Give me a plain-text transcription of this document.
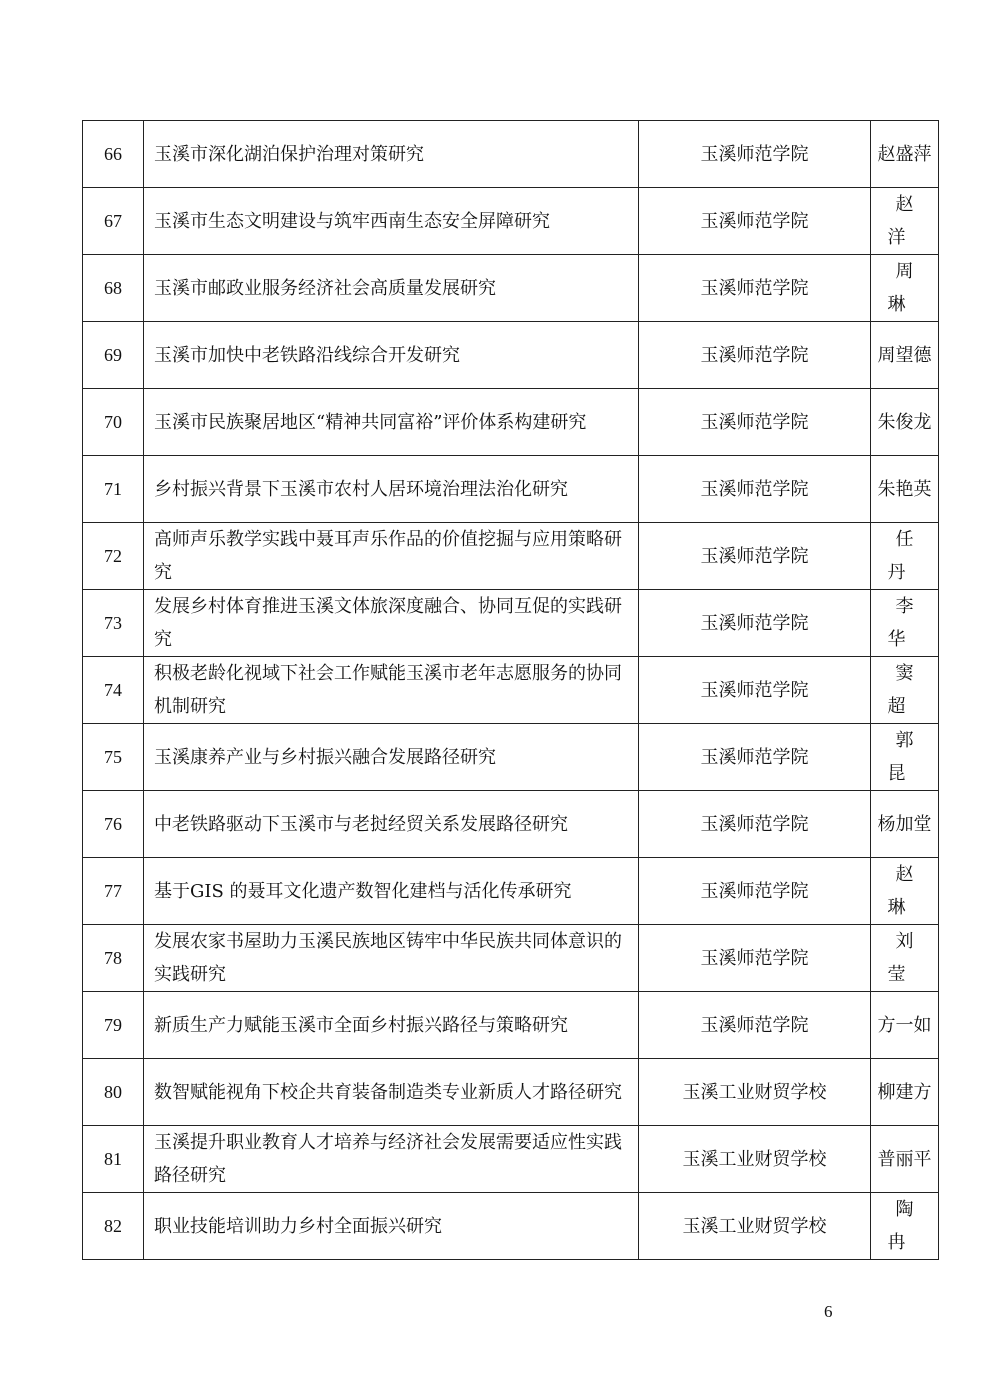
66	玉溪市深化湖泊保护治理对策研究	玉溪师范学院	赵盛萍
67	玉溪市生态文明建设与筑牢西南生态安全屏障研究	玉溪师范学院	赵洋
68	玉溪市邮政业服务经济社会高质量发展研究	玉溪师范学院	周琳
69	玉溪市加快中老铁路沿线综合开发研究	玉溪师范学院	周望德
70	玉溪市民族聚居地区“精神共同富裕”评价体系构建研究	玉溪师范学院	朱俊龙
71	乡村振兴背景下玉溪市农村人居环境治理法治化研究	玉溪师范学院	朱艳英
72	高师声乐教学实践中聂耳声乐作品的价值挖掘与应用策略研究	玉溪师范学院	任丹
73	发展乡村体育推进玉溪文体旅深度融合、协同互促的实践研究	玉溪师范学院	李华
74	积极老龄化视域下社会工作赋能玉溪市老年志愿服务的协同机制研究	玉溪师范学院	窦超
75	玉溪康养产业与乡村振兴融合发展路径研究	玉溪师范学院	郭昆
76	中老铁路驱动下玉溪市与老挝经贸关系发展路径研究	玉溪师范学院	杨加堂
77	基于GIS 的聂耳文化遗产数智化建档与活化传承研究	玉溪师范学院	赵琳
78	发展农家书屋助力玉溪民族地区铸牢中华民族共同体意识的实践研究	玉溪师范学院	刘莹
79	新质生产力赋能玉溪市全面乡村振兴路径与策略研究	玉溪师范学院	方一如
80	数智赋能视角下校企共育装备制造类专业新质人才路径研究	玉溪工业财贸学校	柳建方
81	玉溪提升职业教育人才培养与经济社会发展需要适应性实践路径研究	玉溪工业财贸学校	普丽平
82	职业技能培训助力乡村全面振兴研究	玉溪工业财贸学校	陶冉
6
